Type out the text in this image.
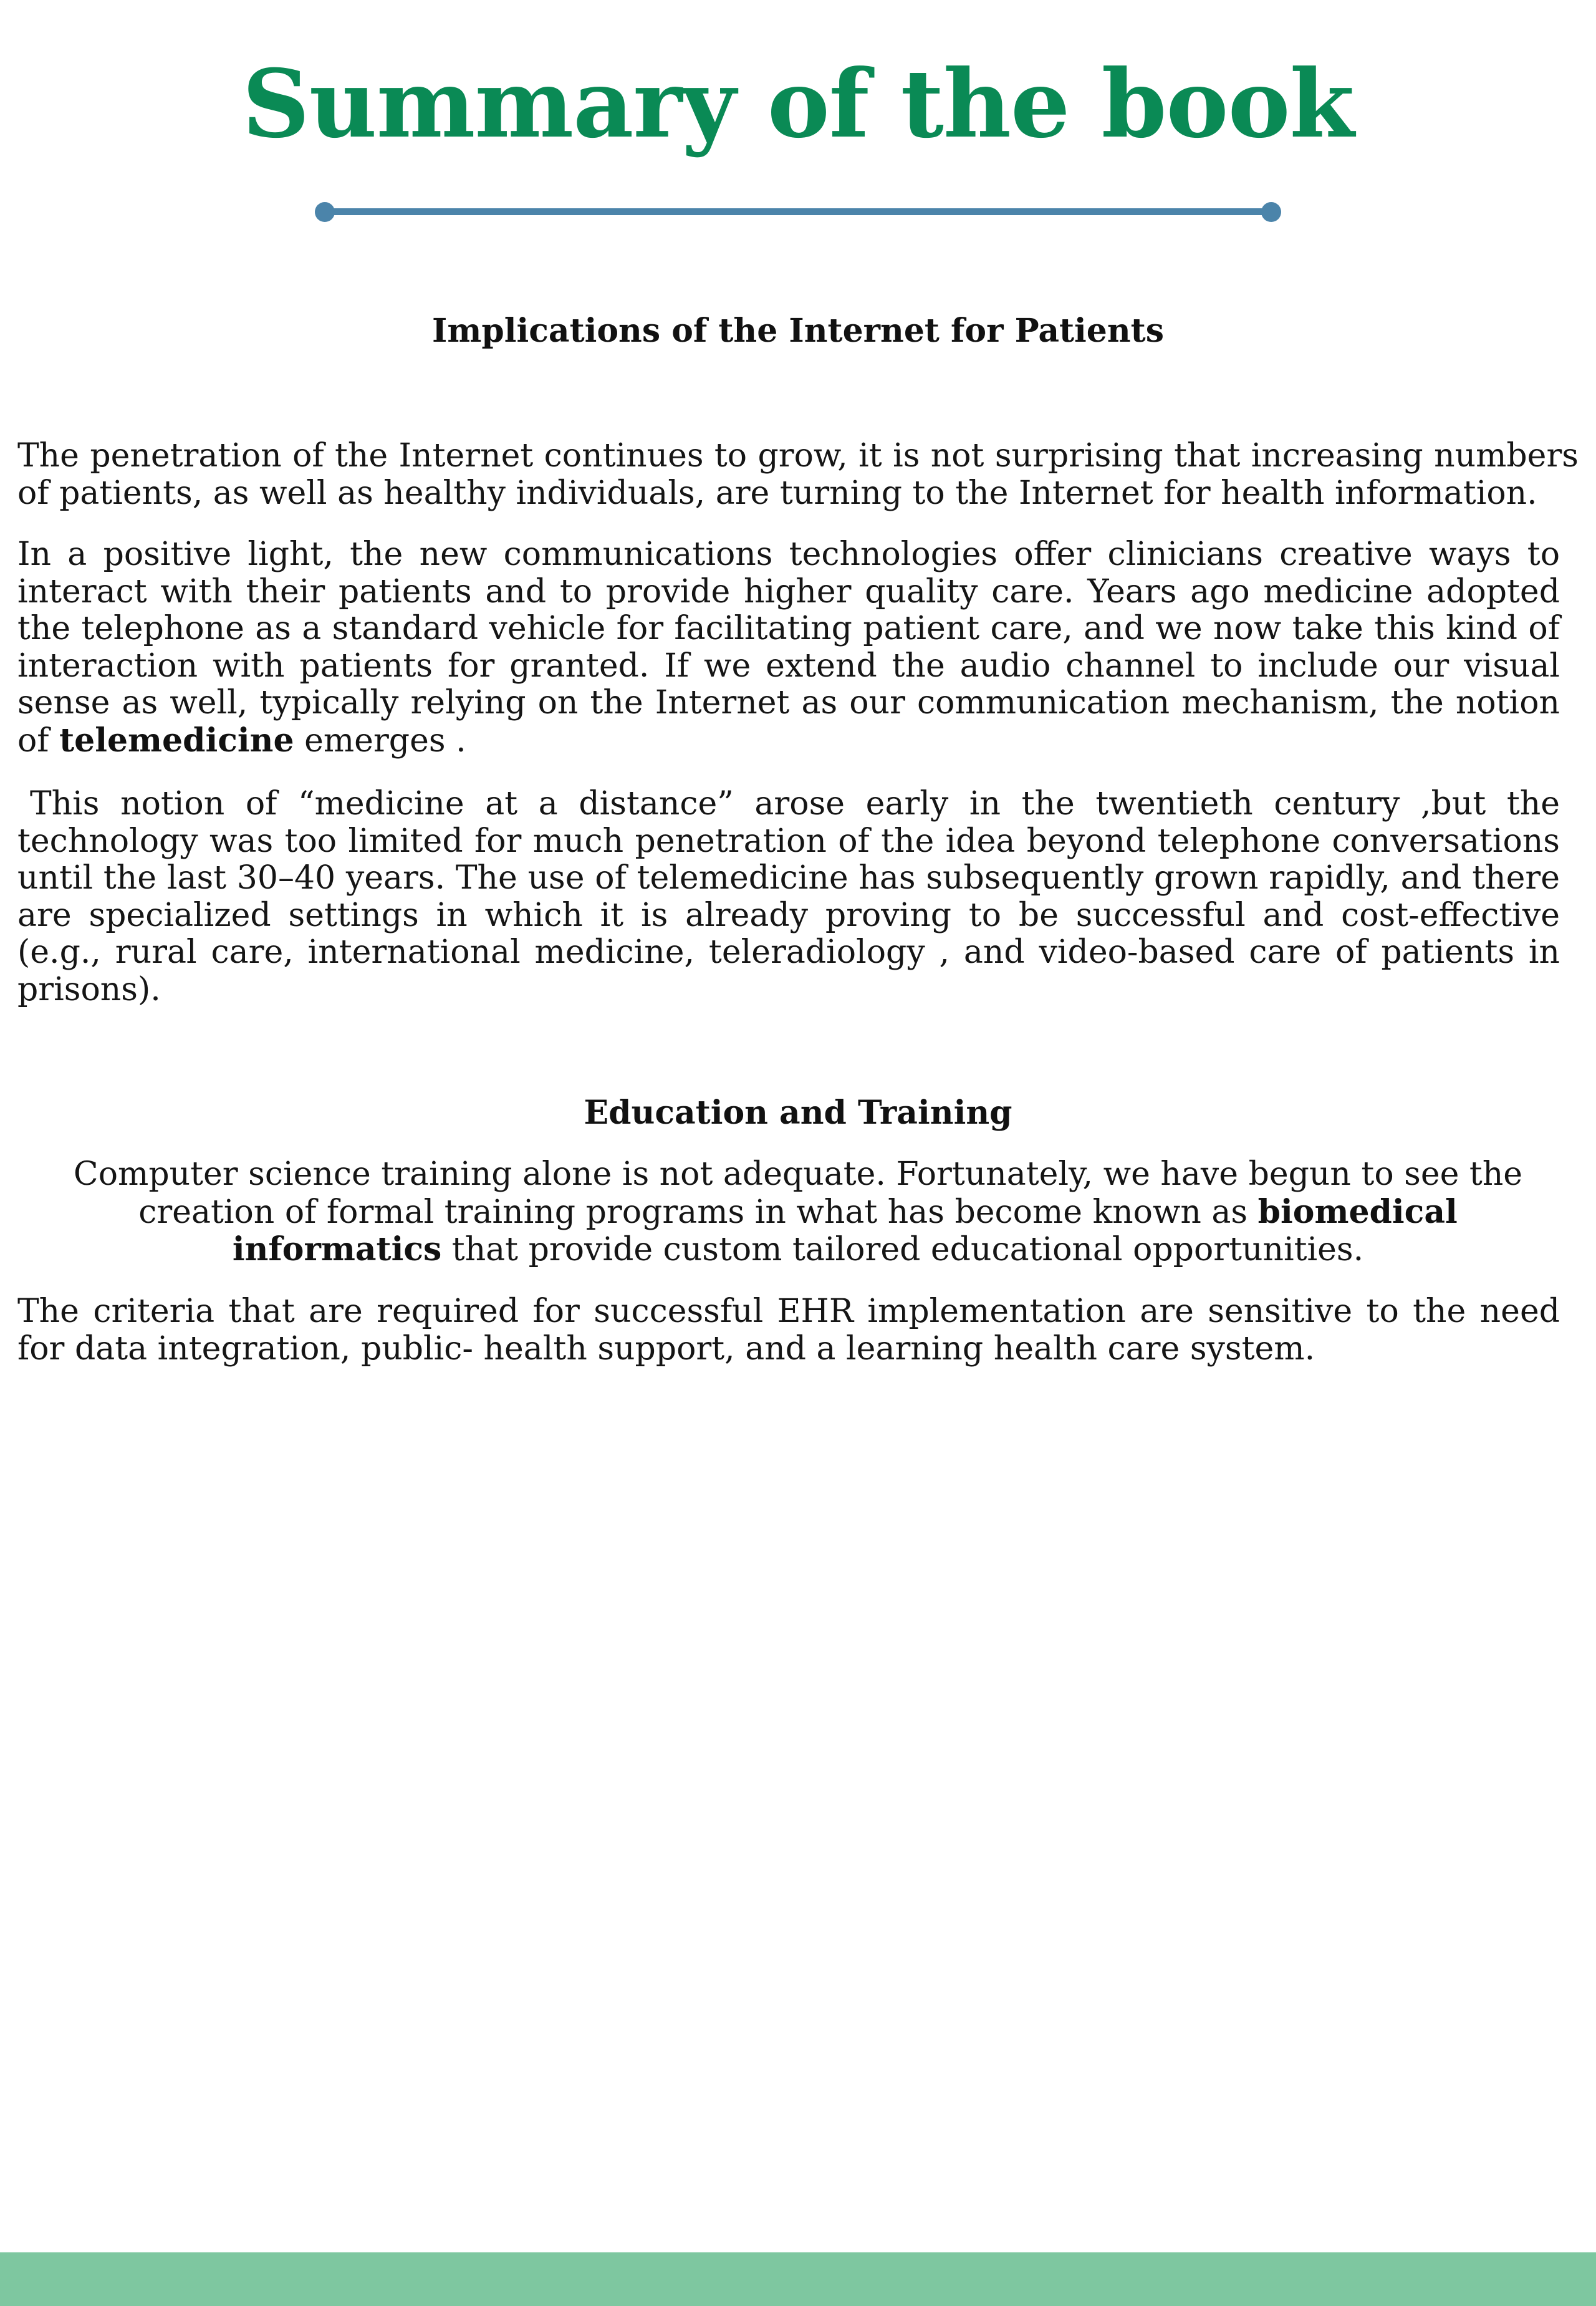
Summary of the book
Implications of the Internet for Patients

The penetration of the Internet continues to grow, it is not surprising that increasing numbers of patients, as well as healthy individuals, are turning to the Internet for health information.

In a positive light, the new communications technologies offer clinicians creative ways to interact with their patients and to provide higher quality care. Years ago medicine adopted the telephone as a standard vehicle for facilitating patient care, and we now take this kind of interaction with patients for granted. If we extend the audio channel to include our visual sense as well, typically relying on the Internet as our communication mechanism, the notion of telemedicine emerges .

This notion of “medicine at a distance” arose early in the twentieth century ,but the technology was too limited for much penetration of the idea beyond telephone conversations until the last 30–40 years. The use of telemedicine has subsequently grown rapidly, and there are specialized settings in which it is already proving to be successful and cost-effective (e.g., rural care, international medicine, teleradiology , and video-based care of patients in prisons).

Education and Training

Computer science training alone is not adequate. Fortunately, we have begun to see the creation of formal training programs in what has become known as biomedical informatics that provide custom tailored educational opportunities.

The criteria that are required for successful EHR implementation are sensitive to the need for data integration, public- health support, and a learning health care system.
